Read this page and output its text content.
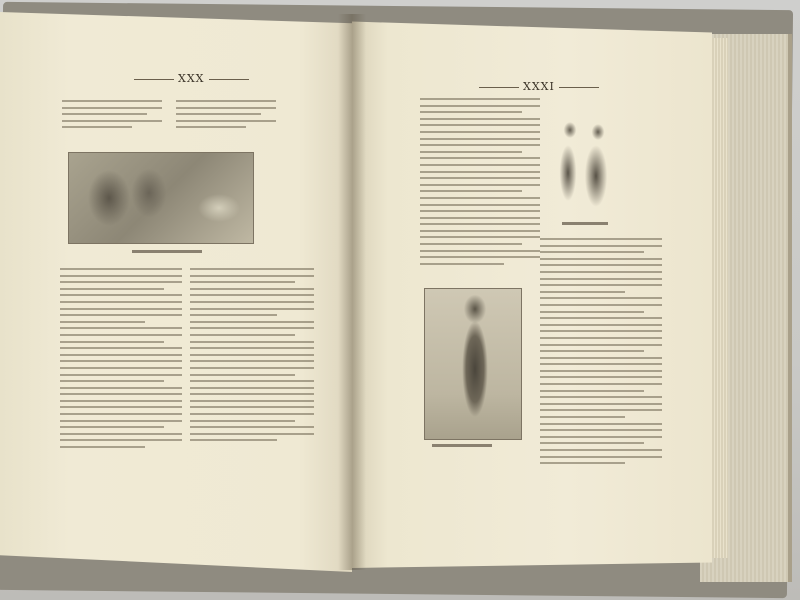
XXX
XXXI
